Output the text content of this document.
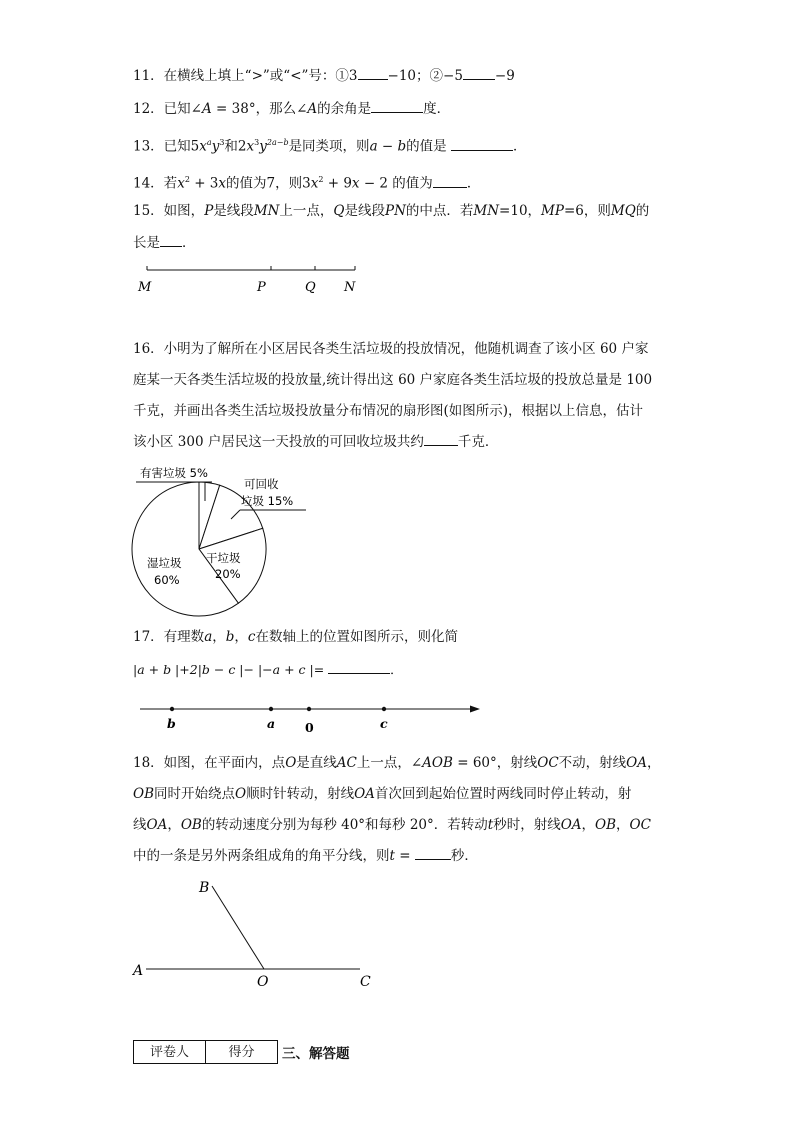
11．在横线上填上“>”或“<”号：①3 −10；②−5 −9
12．已知∠A = 38°，那么∠A的余角是	度．
13．已知$5x^ay^3$和$2x^3y^{2a-b}$是同类项，则a − b的值是	．
14．若$x^2 + 3x$的值为7，则$3x^2 + 9x - 2$ 的值为	．
15．如图，P是线段MN上一点，Q是线段PN的中点．若MN=10，MP=6，则MQ的
长是 ．
M	P	Q N
16．小明为了解所在小区居民各类生活垃圾的投放情况，他随机调查了该小区 60 户家
庭某一天各类生活垃圾的投放量,统计得出这 60 户家庭各类生活垃圾的投放总量是 100
千克，并画出各类生活垃圾投放量分布情况的扇形图(如图所示)，根据以上信息，估计
该小区 300 户居民这一天投放的可回收垃圾共约	千克．
有害垃圾 5%
可回收
垃圾 15%
干垃圾
20%
湿垃圾
60%
17．有理数a，b，c在数轴上的位置如图所示，则化简
|a + b |+2|b − c |− |−a + c |=	．
b	a 0	c
18．如图，在平面内，点O是直线AC上一点，∠AOB = 60°，射线OC不动，射线OA，
OB同时开始绕点O顺时针转动，射线OA首次回到起始位置时两线同时停止转动，射
线OA，OB的转动速度分别为每秒 40°和每秒 20°．若转动t秒时，射线OA，OB，OC
中的一条是另外两条组成角的角平分线，则t =	秒．
B
A
O	C
评卷人	得分	三、解答题
